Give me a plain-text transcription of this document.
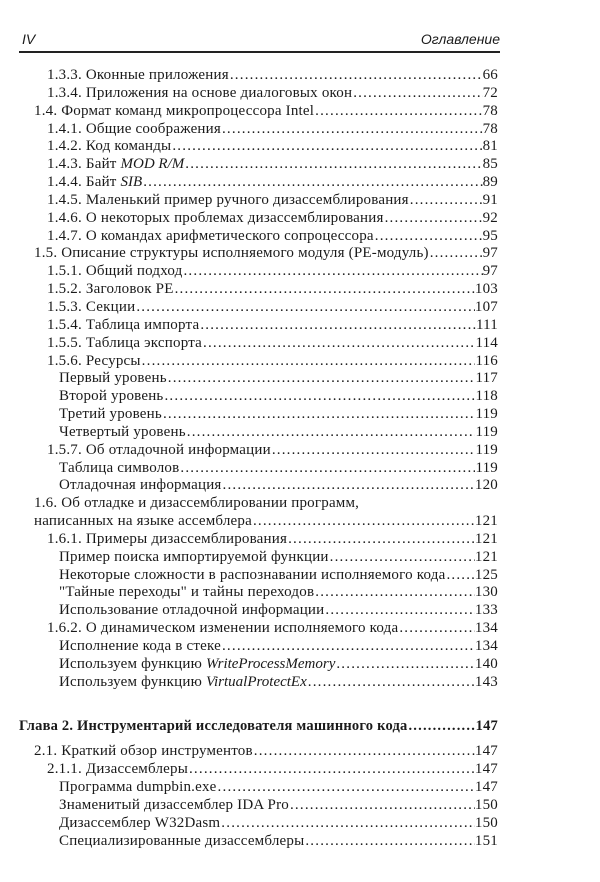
IV	Оглавление
1.3.3. Оконные приложения .....	66
1.3.4. Приложения на основе диалоговых окон .....	72
1.4. Формат команд микропроцессора Intel .....	78
1.4.1. Общие соображения .....	78
1.4.2. Код команды .....	81
1.4.3. Байт MOD R/M .....	85
1.4.4. Байт SIB .....	89
1.4.5. Маленький пример ручного дизассемблирования .....	91
1.4.6. О некоторых проблемах дизассемблирования .....	92
1.4.7. О командах арифметического сопроцессора .....	95
1.5. Описание структуры исполняемого модуля (PE-модуль) .....	97
1.5.1. Общий подход .....	97
1.5.2. Заголовок PE .....	103
1.5.3. Секции .....	107
1.5.4. Таблица импорта .....	111
1.5.5. Таблица экспорта .....	114
1.5.6. Ресурсы .....	116
Первый уровень .....	117
Второй уровень .....	118
Третий уровень .....	119
Четвертый уровень .....	119
1.5.7. Об отладочной информации .....	119
Таблица символов .....	119
Отладочная информация .....	120
1.6. Об отладке и дизассемблировании программ,
написанных на языке ассемблера .....	121
1.6.1. Примеры дизассемблирования .....	121
Пример поиска импортируемой функции .....	121
Некоторые сложности в распознавании исполняемого кода ..... 125
"Тайные переходы" и тайны переходов .....	130
Использование отладочной информации .....	133
1.6.2. О динамическом изменении исполняемого кода .....	134
Исполнение кода в стеке .....	134
Используем функцию WriteProcessMemory .....	140
Используем функцию VirtualProtectEx .....	143
Глава 2. Инструментарий исследователя машинного кода .....	147
2.1. Краткий обзор инструментов .....	147
2.1.1. Дизассемблеры .....	147
Программа dumpbin.exe .....	147
Знаменитый дизассемблер IDA Pro .....	150
Дизассемблер W32Dasm .....	150
Специализированные дизассемблеры .....	151
